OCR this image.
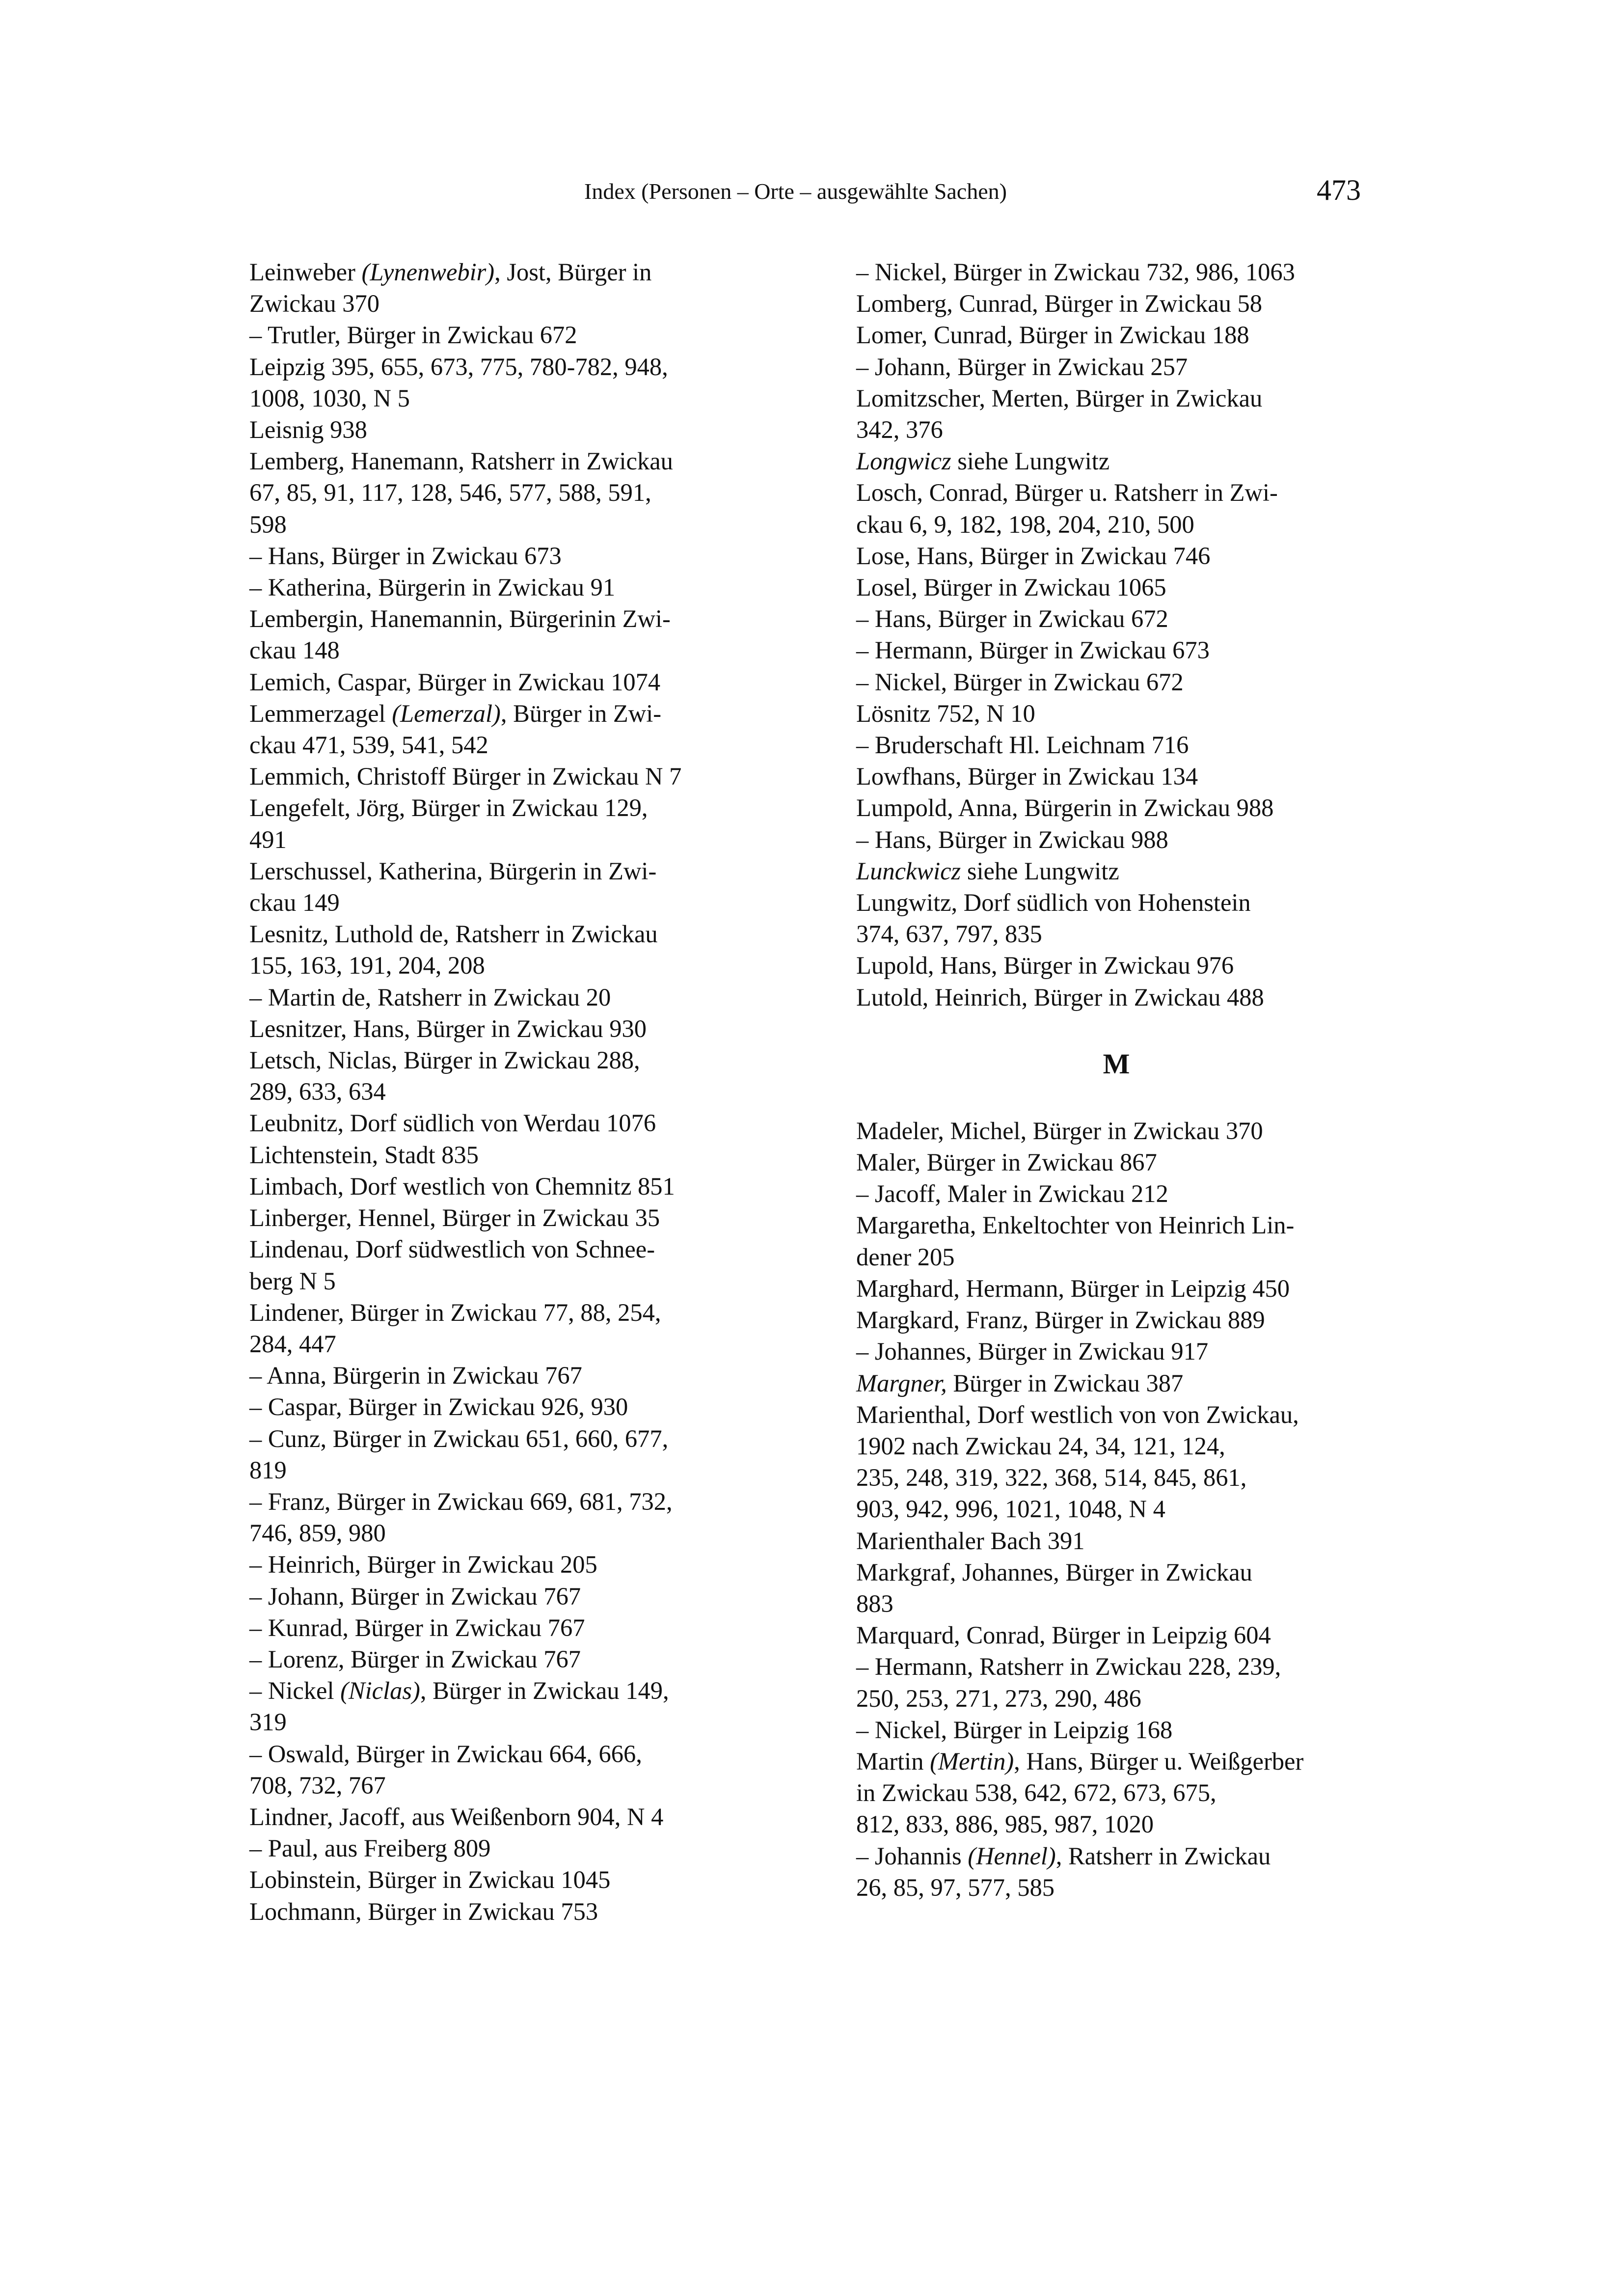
Index (Personen – Orte – ausgewählte Sachen)	473
Leinweber (Lynenwebir), Jost, Bürger in
Zwickau 370
– Trutler, Bürger in Zwickau 672
Leipzig 395, 655, 673, 775, 780-782, 948,
1008, 1030, N 5
Leisnig 938
Lemberg, Hanemann, Ratsherr in Zwickau
67, 85, 91, 117, 128, 546, 577, 588, 591,
598
– Hans, Bürger in Zwickau 673
– Katherina, Bürgerin in Zwickau 91
Lembergin, Hanemannin, Bürgerinin Zwi-
ckau 148
Lemich, Caspar, Bürger in Zwickau 1074
Lemmerzagel (Lemerzal), Bürger in Zwi-
ckau 471, 539, 541, 542
Lemmich, Christoff Bürger in Zwickau N 7
Lengefelt, Jörg, Bürger in Zwickau 129,
491
Lerschussel, Katherina, Bürgerin in Zwi-
ckau 149
Lesnitz, Luthold de, Ratsherr in Zwickau
155, 163, 191, 204, 208
– Martin de, Ratsherr in Zwickau 20
Lesnitzer, Hans, Bürger in Zwickau 930
Letsch, Niclas, Bürger in Zwickau 288,
289, 633, 634
Leubnitz, Dorf südlich von Werdau 1076
Lichtenstein, Stadt 835
Limbach, Dorf westlich von Chemnitz 851
Linberger, Hennel, Bürger in Zwickau 35
Lindenau, Dorf südwestlich von Schnee-
berg N 5
Lindener, Bürger in Zwickau 77, 88, 254,
284, 447
– Anna, Bürgerin in Zwickau 767
– Caspar, Bürger in Zwickau 926, 930
– Cunz, Bürger in Zwickau 651, 660, 677,
819
– Franz, Bürger in Zwickau 669, 681, 732,
746, 859, 980
– Heinrich, Bürger in Zwickau 205
– Johann, Bürger in Zwickau 767
– Kunrad, Bürger in Zwickau 767
– Lorenz, Bürger in Zwickau 767
– Nickel (Niclas), Bürger in Zwickau 149,
319
– Oswald, Bürger in Zwickau 664, 666,
708, 732, 767
Lindner, Jacoff, aus Weißenborn 904, N 4
– Paul, aus Freiberg 809
Lobinstein, Bürger in Zwickau 1045
Lochmann, Bürger in Zwickau 753
– Nickel, Bürger in Zwickau 732, 986, 1063
Lomberg, Cunrad, Bürger in Zwickau 58
Lomer, Cunrad, Bürger in Zwickau 188
– Johann, Bürger in Zwickau 257
Lomitzscher, Merten, Bürger in Zwickau
342, 376
Longwicz siehe Lungwitz
Losch, Conrad, Bürger u. Ratsherr in Zwi-
ckau 6, 9, 182, 198, 204, 210, 500
Lose, Hans, Bürger in Zwickau 746
Losel, Bürger in Zwickau 1065
– Hans, Bürger in Zwickau 672
– Hermann, Bürger in Zwickau 673
– Nickel, Bürger in Zwickau 672
Lösnitz 752, N 10
– Bruderschaft Hl. Leichnam 716
Lowfhans, Bürger in Zwickau 134
Lumpold, Anna, Bürgerin in Zwickau 988
– Hans, Bürger in Zwickau 988
Lunckwicz siehe Lungwitz
Lungwitz, Dorf südlich von Hohenstein
374, 637, 797, 835
Lupold, Hans, Bürger in Zwickau 976
Lutold, Heinrich, Bürger in Zwickau 488
M
Madeler, Michel, Bürger in Zwickau 370
Maler, Bürger in Zwickau 867
– Jacoff, Maler in Zwickau 212
Margaretha, Enkeltochter von Heinrich Lin-
dener 205
Marghard, Hermann, Bürger in Leipzig 450
Margkard, Franz, Bürger in Zwickau 889
– Johannes, Bürger in Zwickau 917
Margner, Bürger in Zwickau 387
Marienthal, Dorf westlich von von Zwickau,
1902 nach Zwickau 24, 34, 121, 124,
235, 248, 319, 322, 368, 514, 845, 861,
903, 942, 996, 1021, 1048, N 4
Marienthaler Bach 391
Markgraf, Johannes, Bürger in Zwickau
883
Marquard, Conrad, Bürger in Leipzig 604
– Hermann, Ratsherr in Zwickau 228, 239,
250, 253, 271, 273, 290, 486
– Nickel, Bürger in Leipzig 168
Martin (Mertin), Hans, Bürger u. Weißgerber
in Zwickau 538, 642, 672, 673, 675,
812, 833, 886, 985, 987, 1020
– Johannis (Hennel), Ratsherr in Zwickau
26, 85, 97, 577, 585
